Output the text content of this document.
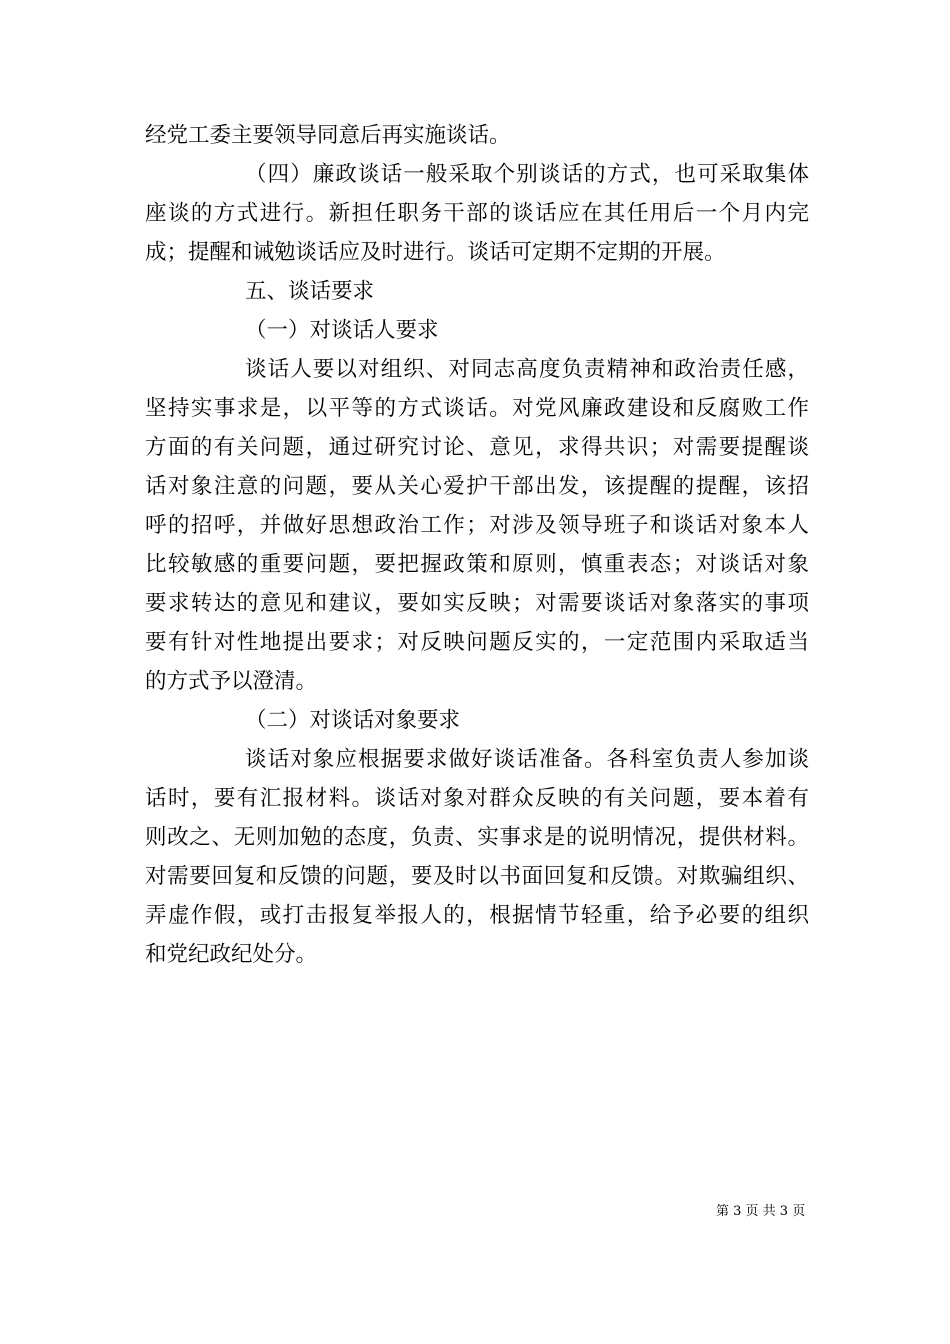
经党工委主要领导同意后再实施谈话。
（四）廉政谈话一般采取个别谈话的方式，也可采取集体
座谈的方式进行。新担任职务干部的谈话应在其任用后一个月内完
成；提醒和诫勉谈话应及时进行。谈话可定期不定期的开展。
五、谈话要求
（一）对谈话人要求
谈话人要以对组织、对同志高度负责精神和政治责任感，
坚持实事求是，以平等的方式谈话。对党风廉政建设和反腐败工作
方面的有关问题，通过研究讨论、意见，求得共识；对需要提醒谈
话对象注意的问题，要从关心爱护干部出发，该提醒的提醒，该招
呼的招呼，并做好思想政治工作；对涉及领导班子和谈话对象本人
比较敏感的重要问题，要把握政策和原则，慎重表态；对谈话对象
要求转达的意见和建议，要如实反映；对需要谈话对象落实的事项
要有针对性地提出要求；对反映问题反实的，一定范围内采取适当
的方式予以澄清。
（二）对谈话对象要求
谈话对象应根据要求做好谈话准备。各科室负责人参加谈
话时，要有汇报材料。谈话对象对群众反映的有关问题，要本着有
则改之、无则加勉的态度，负责、实事求是的说明情况，提供材料。
对需要回复和反馈的问题，要及时以书面回复和反馈。对欺骗组织、
弄虚作假，或打击报复举报人的，根据情节轻重，给予必要的组织
和党纪政纪处分。
第 3 页 共 3 页
